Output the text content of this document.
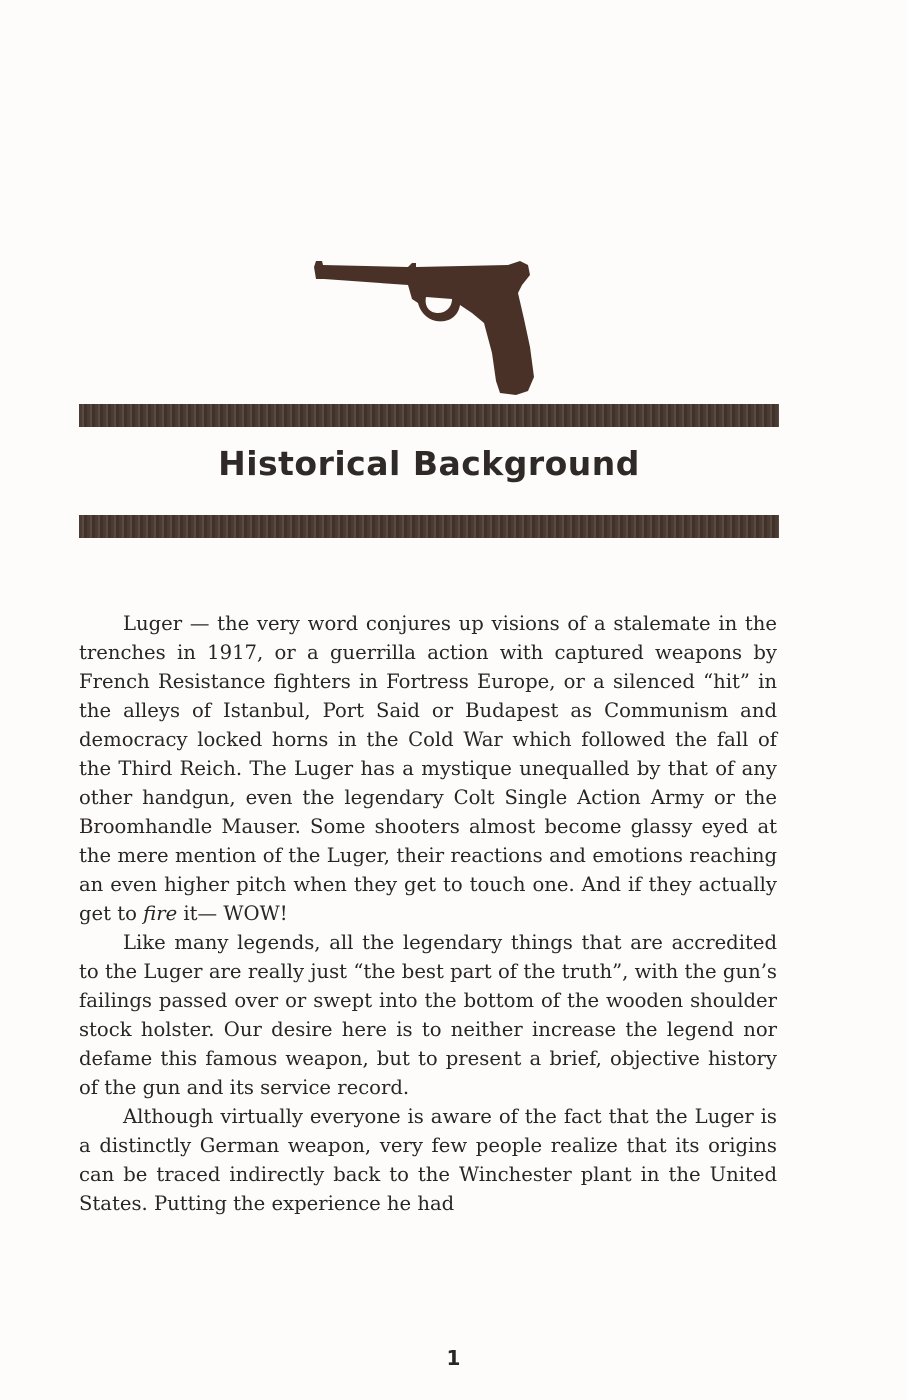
Historical Background

Luger — the very word conjures up visions of a stalemate in the trenches in 1917, or a guerrilla action with captured weapons by French Resistance fighters in Fortress Europe, or a silenced “hit” in the alleys of Istanbul, Port Said or Budapest as Communism and democracy locked horns in the Cold War which followed the fall of the Third Reich. The Luger has a mystique unequalled by that of any other handgun, even the legendary Colt Single Action Army or the Broomhandle Mauser. Some shooters almost become glassy eyed at the mere mention of the Luger, their reactions and emotions reaching an even higher pitch when they get to touch one. And if they actually get to fire it— WOW!

Like many legends, all the legendary things that are accredited to the Luger are really just “the best part of the truth”, with the gun’s failings passed over or swept into the bottom of the wooden shoulder stock holster. Our desire here is to neither increase the legend nor defame this famous weapon, but to present a brief, objective history of the gun and its service record.

Although virtually everyone is aware of the fact that the Luger is a distinctly German weapon, very few people realize that its origins can be traced indirectly back to the Winchester plant in the United States. Putting the experience he had

1
